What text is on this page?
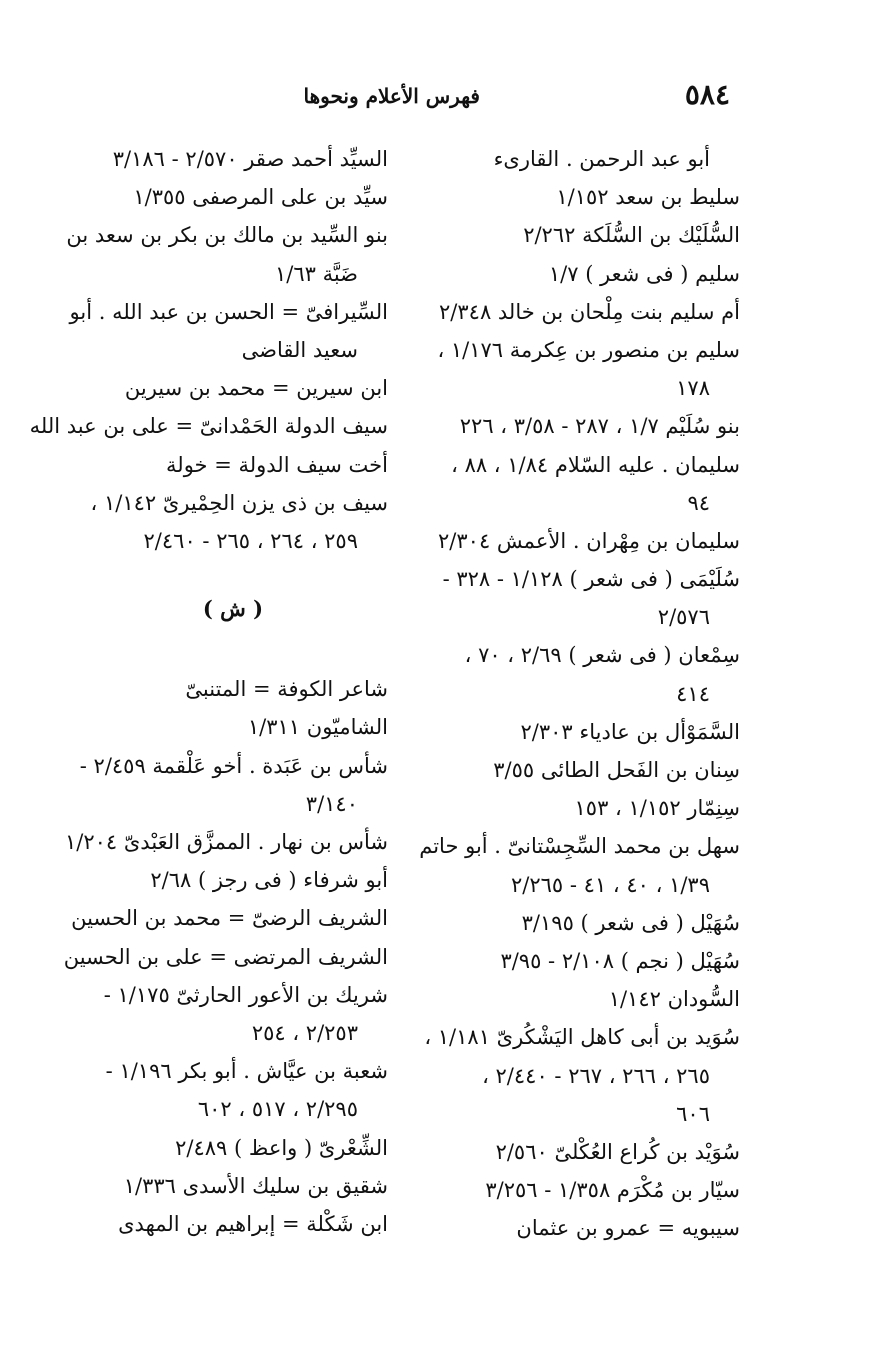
٥٨٤
فهرس الأعلام ونحوها
أبو عبد الرحمن . القارىء
سليط بن سعد ١/١٥٢
السُّلَيْك بن السُّلَكة ٢/٢٦٢
سليم ( فى شعر ) ١/٧
أم سليم بنت مِلْحان بن خالد ٢/٣٤٨
سليم بن منصور بن عِكرمة ١/١٧٦ ،
١٧٨
بنو سُلَيْم ١/٧ ، ٢٨٧ - ٣/٥٨ ، ٢٢٦
سليمان . عليه السّلام ١/٨٤ ، ٨٨ ،
٩٤
سليمان بن مِهْران . الأعمش ٢/٣٠٤
سُلَيْمَى ( فى شعر ) ١/١٢٨ - ٣٢٨ -
٢/٥٧٦
سِمْعان ( فى شعر ) ٢/٦٩ ، ٧٠ ،
٤١٤
السَّمَوْأل بن عادياء ٢/٣٠٣
سِنان بن الفَحل الطائى ٣/٥٥
سِنِمّار ١/١٥٢ ، ١٥٣
سهل بن محمد السِّجِسْتانىّ . أبو حاتم
١/٣٩ ، ٤٠ ، ٤١ - ٢/٢٦٥
سُهَيْل ( فى شعر ) ٣/١٩٥
سُهَيْل ( نجم ) ٢/١٠٨ - ٣/٩٥
السُّودان ١/١٤٢
سُوَيد بن أبى كاهل اليَشْكُرىّ ١/١٨١ ،
٢٦٥ ، ٢٦٦ ، ٢٦٧ - ٢/٤٤٠ ،
٦٠٦
سُوَيْد بن كُراع العُكْلىّ ٢/٥٦٠
سيّار بن مُكْرَم ١/٣٥٨ - ٣/٢٥٦
سيبويه = عمرو بن عثمان
السيِّد أحمد صقر ٢/٥٧٠ - ٣/١٨٦
سيِّد بن على المرصفى ١/٣٥٥
بنو السِّيد بن مالك بن بكر بن سعد بن
ضَبَّة ١/٦٣
السِّيرافىّ = الحسن بن عبد الله . أبو
سعيد القاضى
ابن سيرين = محمد بن سيرين
سيف الدولة الحَمْدانىّ = على بن عبد الله
أخت سيف الدولة = خولة
سيف بن ذى يزن الحِمْيرىّ ١/١٤٢ ،
٢٥٩ ، ٢٦٤ ، ٢٦٥ - ٢/٤٦٠
( ش )
شاعر الكوفة = المتنبىّ
الشاميّون ١/٣١١
شأس بن عَبَدة . أخو عَلْقمة ٢/٤٥٩ -
٣/١٤٠
شأس بن نهار . الممزَّق العَبْدىّ ١/٢٠٤
أبو شرفاء ( فى رجز ) ٢/٦٨
الشريف الرضىّ = محمد بن الحسين
الشريف المرتضى = على بن الحسين
شريك بن الأعور الحارثىّ ١/١٧٥ -
٢/٢٥٣ ، ٢٥٤
شعبة بن عيَّاش . أبو بكر ١/١٩٦ -
٢/٢٩٥ ، ٥١٧ ، ٦٠٢
الشِّعْرىّ ( واعظ ) ٢/٤٨٩
شقيق بن سليك الأسدى ١/٣٣٦
ابن شَكْلة = إبراهيم بن المهدى
